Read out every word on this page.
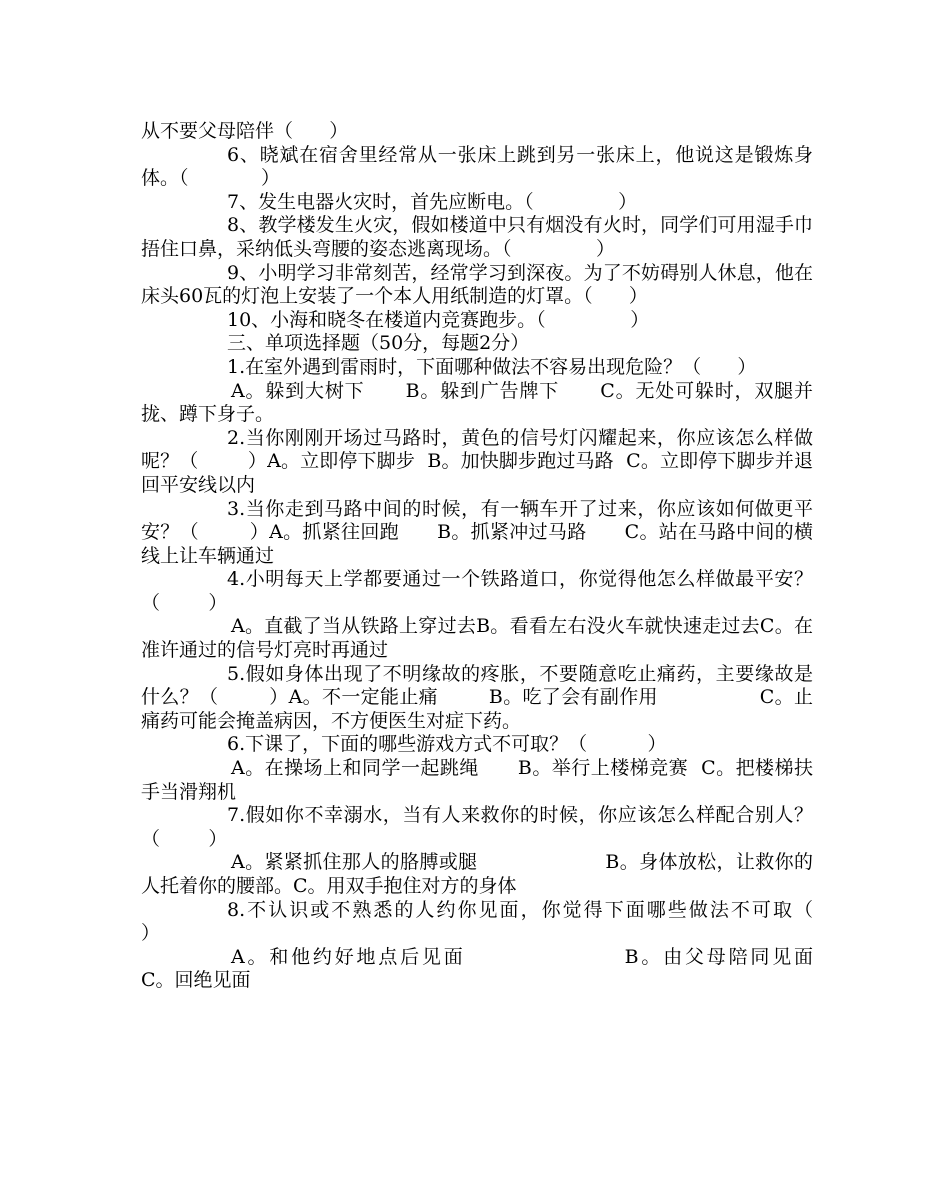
从不要父母陪伴（      ）

6、晓斌在宿舍里经常从一张床上跳到另一张床上，他说这是锻炼身体。（            ）

7、发生电器火灾时，首先应断电。（              ）

8、教学楼发生火灾，假如楼道中只有烟没有火时，同学们可用湿手巾捂住口鼻，采纳低头弯腰的姿态逃离现场。（              ）

9、小明学习非常刻苦，经常学习到深夜。为了不妨碍别人休息，他在床头60瓦的灯泡上安装了一个本人用纸制造的灯罩。（      ）

10、小海和晓冬在楼道内竞赛跑步。（              ）

三、单项选择题（50分，每题2分）

1.在室外遇到雷雨时，下面哪种做法不容易出现危险？（      ）

A。躲到大树下      B。躲到广告牌下      C。无处可躲时，双腿并拢、蹲下身子。

2.当你刚刚开场过马路时，黄色的信号灯闪耀起来，你应该怎么样做呢？（        ）A。立即停下脚步  B。加快脚步跑过马路  C。立即停下脚步并退回平安线以内

3.当你走到马路中间的时候，有一辆车开了过来，你应该如何做更平安？（        ）A。抓紧往回跑      B。抓紧冲过马路      C。站在马路中间的横线上让车辆通过

4.小明每天上学都要通过一个铁路道口，你觉得他怎么样做最平安？（        ）

A。直截了当从铁路上穿过去B。看看左右没火车就快速走过去C。在准许通过的信号灯亮时再通过

5.假如身体出现了不明缘故的疼胀，不要随意吃止痛药，主要缘故是什么？（        ）A。不一定能止痛        B。吃了会有副作用                C。止痛药可能会掩盖病因，不方便医生对症下药。

6.下课了，下面的哪些游戏方式不可取？（          ）

A。在操场上和同学一起跳绳      B。举行上楼梯竞赛  C。把楼梯扶手当滑翔机

7.假如你不幸溺水，当有人来救你的时候，你应该怎么样配合别人？（        ）

A。紧紧抓住那人的胳膊或腿                    B。身体放松，让救你的人托着你的腰部。C。用双手抱住对方的身体

8.不认识或不熟悉的人约你见面，你觉得下面哪些做法不可取（        ）

A。和他约好地点后见面                  B。由父母陪同见面            C。回绝见面
